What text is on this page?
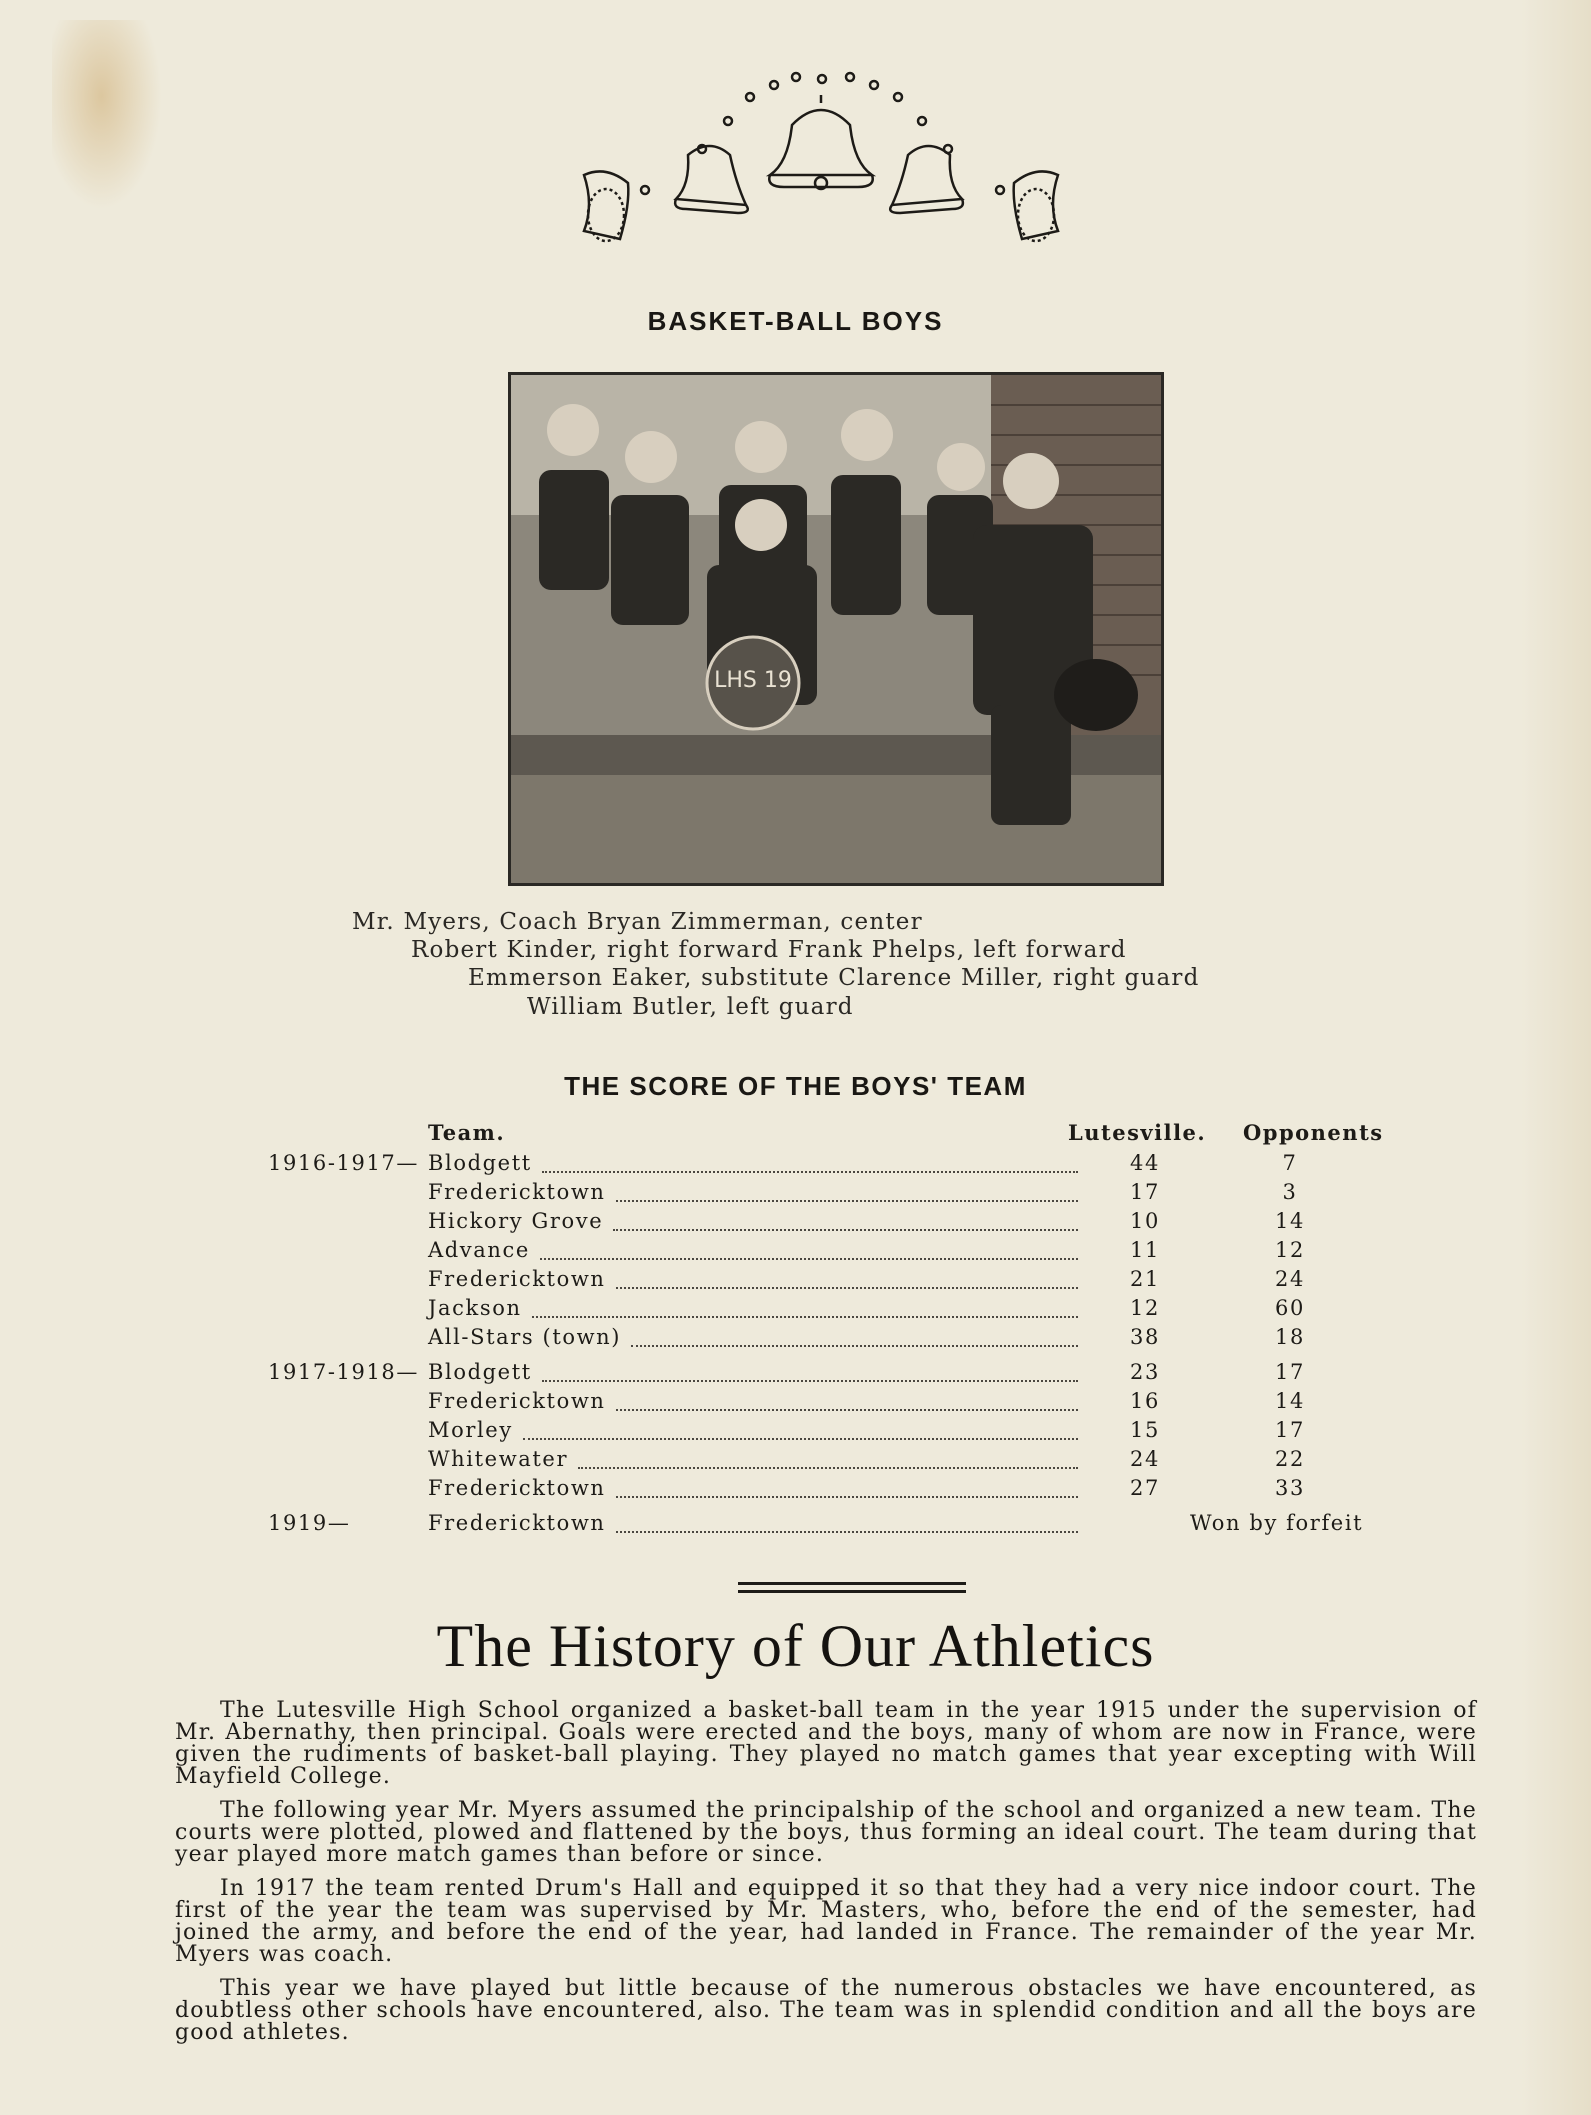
BASKET-BALL BOYS
LHS 19
Mr. Myers, Coach Bryan Zimmerman, center
Robert Kinder, right forward Frank Phelps, left forward
Emmerson Eaker, substitute Clarence Miller, right guard
William Butler, left guard
THE SCORE OF THE BOYS' TEAM
Team.	Lutesville. Opponents
1916-1917— Blodgett	44	7
Fredericktown	17	3
Hickory Grove	10	14
Advance	11	12
Fredericktown	21	24
Jackson	12	60
All-Stars (town)	38	18
1917-1918— Blodgett	23	17
Fredericktown	16	14
Morley	15	17
Whitewater	24	22
Fredericktown	27	33
1919—	Fredericktown	Won by forfeit
The History of Our Athletics

The Lutesville High School organized a basket-ball team in the year 1915 under the supervision of Mr. Abernathy, then principal. Goals were erected and the boys, many of whom are now in France, were given the rudiments of basket-ball playing. They played no match games that year excepting with Will Mayfield College.

The following year Mr. Myers assumed the principalship of the school and organized a new team. The courts were plotted, plowed and flattened by the boys, thus forming an ideal court. The team during that year played more match games than before or since.

In 1917 the team rented Drum's Hall and equipped it so that they had a very nice indoor court. The first of the year the team was supervised by Mr. Masters, who, before the end of the semester, had joined the army, and before the end of the year, had landed in France. The remainder of the year Mr. Myers was coach.

This year we have played but little because of the numerous obstacles we have encountered, as doubtless other schools have encountered, also. The team was in splendid condition and all the boys are good athletes.
